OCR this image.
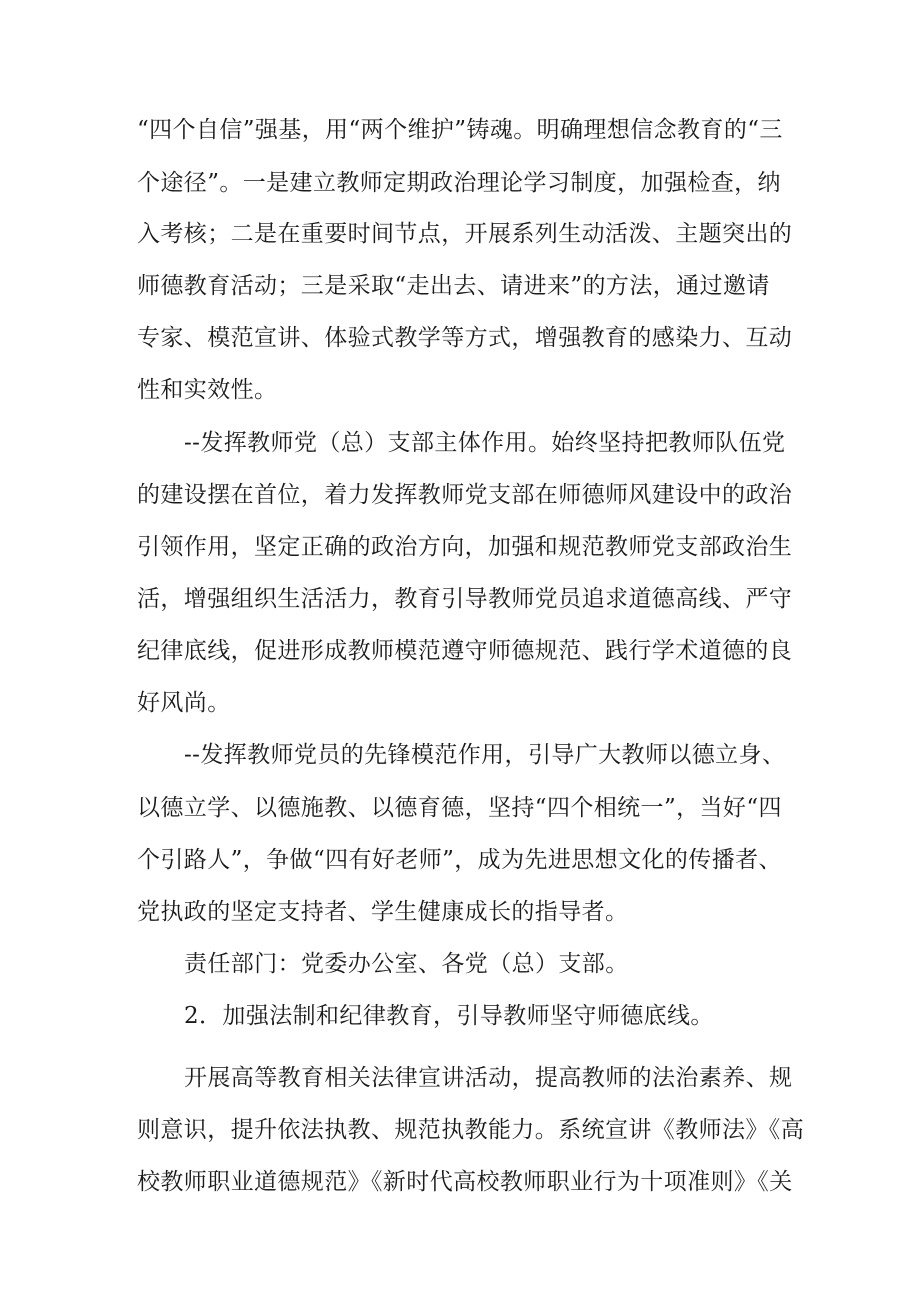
“四个自信”强基，用“两个维护”铸魂。明确理想信念教育的“三
个途径”。一是建立教师定期政治理论学习制度，加强检查，纳
入考核；二是在重要时间节点，开展系列生动活泼、主题突出的
师德教育活动；三是采取“走出去、请进来”的方法，通过邀请
专家、模范宣讲、体验式教学等方式，增强教育的感染力、互动
性和实效性。
--发挥教师党（总）支部主体作用。始终坚持把教师队伍党
的建设摆在首位，着力发挥教师党支部在师德师风建设中的政治
引领作用，坚定正确的政治方向，加强和规范教师党支部政治生
活，增强组织生活活力，教育引导教师党员追求道德高线、严守
纪律底线，促进形成教师模范遵守师德规范、践行学术道德的良
好风尚。
--发挥教师党员的先锋模范作用，引导广大教师以德立身、
以德立学、以德施教、以德育德，坚持“四个相统一”，当好“四
个引路人”，争做“四有好老师”，成为先进思想文化的传播者、
党执政的坚定支持者、学生健康成长的指导者。
责任部门：党委办公室、各党（总）支部。
2．加强法制和纪律教育，引导教师坚守师德底线。
开展高等教育相关法律宣讲活动，提高教师的法治素养、规
则意识，提升依法执教、规范执教能力。系统宣讲《教师法》《高
校教师职业道德规范》《新时代高校教师职业行为十项准则》《关
